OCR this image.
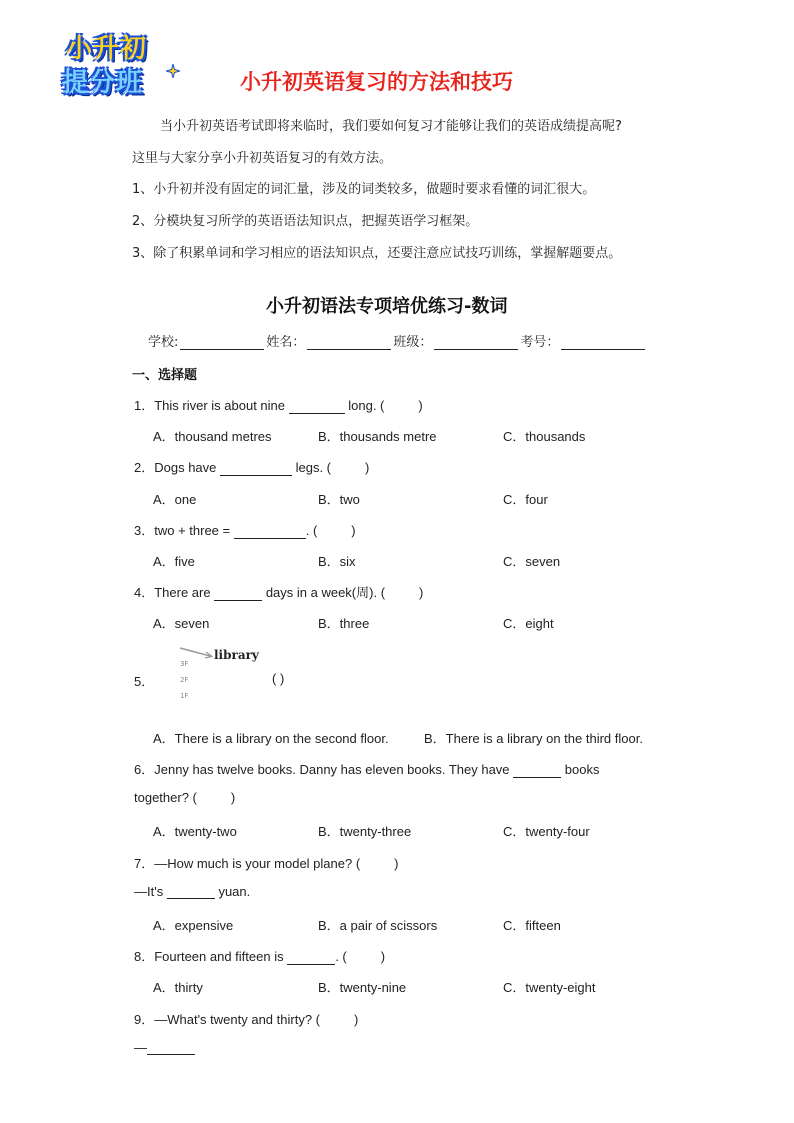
小升初
提分班	小升初英语复习的方法和技巧
当小升初英语考试即将来临时，我们要如何复习才能够让我们的英语成绩提高呢?
这里与大家分享小升初英语复习的有效方法。
1、小升初并没有固定的词汇量，涉及的词类较多，做题时要求看懂的词汇很大。
2、分模块复习所学的英语语法知识点，把握英语学习框架。
3、除了积累单词和学习相应的语法知识点，还要注意应试技巧训练，掌握解题要点。
小升初语法专项培优练习-数词
学校:	姓名：	班级：	考号：
一、选择题
1．This river is about nine	long. (	)
A．thousand metres	B．thousands metre	C．thousands
2．Dogs have	legs. (	)
A．one	B．two	C．four
3．two + three =	. (	)
A．five	B．six	C．seven
4．There are	days in a week(周). (	)
A．seven	B．three	C．eight
5．
library
3F
2F
1F
( )
A．There is a library on the second floor.	B．There is a library on the third floor.
6．Jenny has twelve books. Danny has eleven books. They have	books
together? (	)
A．twenty-two	B．twenty-three	C．twenty-four
7．—How much is your model plane? (	)
—It's	yuan.
A．expensive	B．a pair of scissors	C．fifteen
8．Fourteen and fifteen is	. (	)
A．thirty	B．twenty-nine	C．twenty-eight
9．—What's twenty and thirty? (	)
—
